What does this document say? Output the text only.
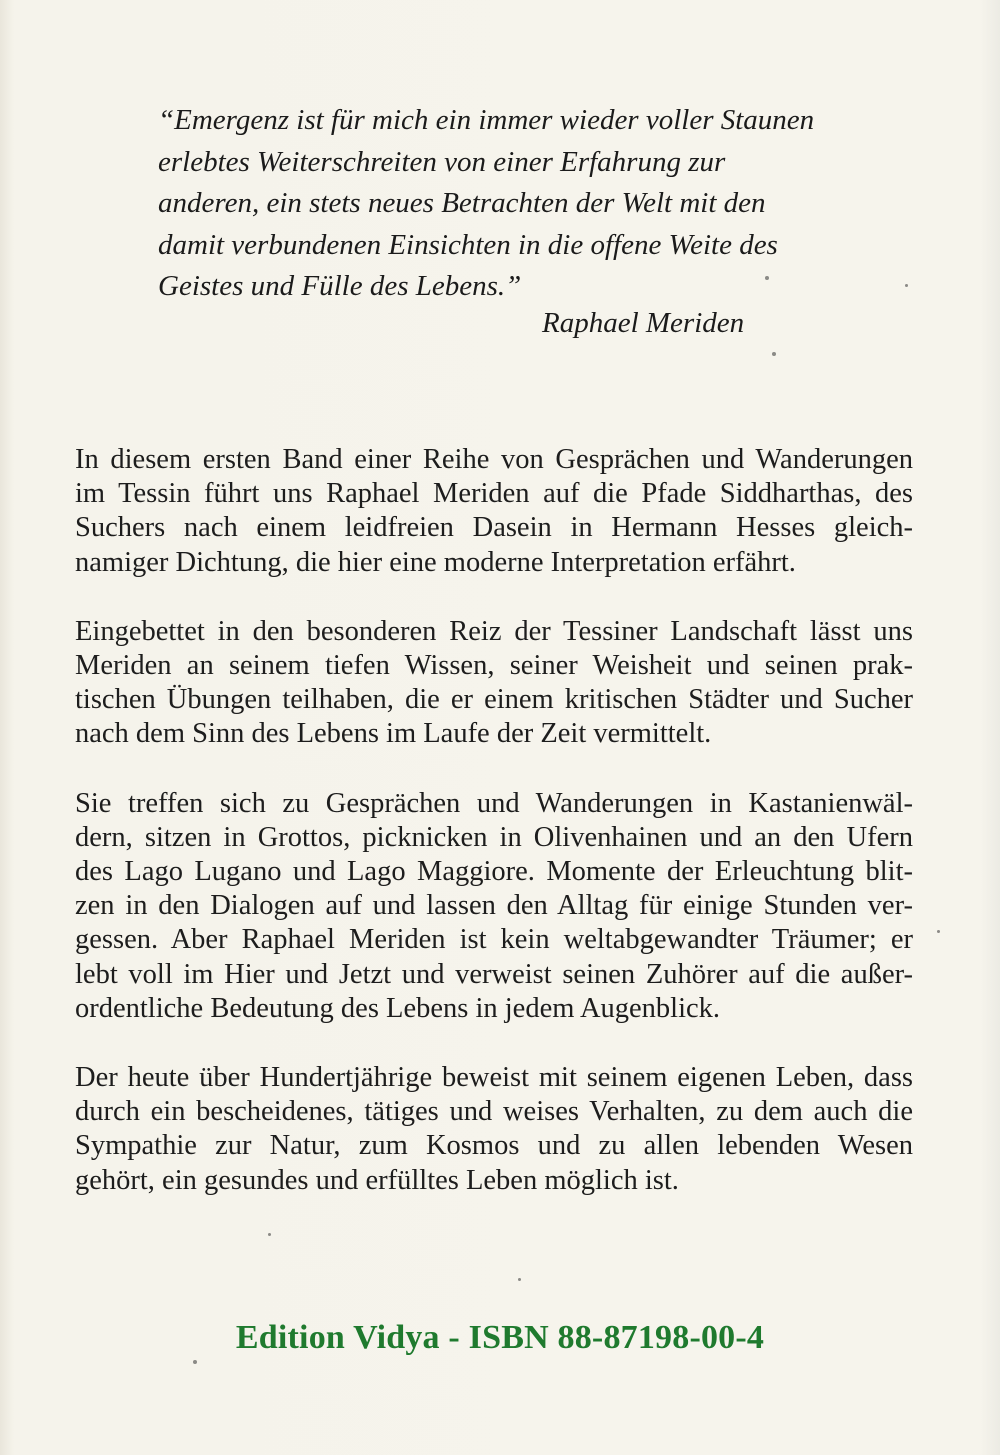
“Emergenz ist für mich ein immer wieder voller Staunen
erlebtes Weiterschreiten von einer Erfahrung zur
anderen, ein stets neues Betrachten der Welt mit den
damit verbundenen Einsichten in die offene Weite des
Geistes und Fülle des Lebens.”
Raphael Meriden
In diesem ersten Band einer Reihe von Gesprächen und Wanderungen
im Tessin führt uns Raphael Meriden auf die Pfade Siddharthas, des
Suchers nach einem leidfreien Dasein in Hermann Hesses gleich-
namiger Dichtung, die hier eine moderne Interpretation erfährt.
Eingebettet in den besonderen Reiz der Tessiner Landschaft lässt uns
Meriden an seinem tiefen Wissen, seiner Weisheit und seinen prak-
tischen Übungen teilhaben, die er einem kritischen Städter und Sucher
nach dem Sinn des Lebens im Laufe der Zeit vermittelt.
Sie treffen sich zu Gesprächen und Wanderungen in Kastanienwäl-
dern, sitzen in Grottos, picknicken in Olivenhainen und an den Ufern
des Lago Lugano und Lago Maggiore. Momente der Erleuchtung blit-
zen in den Dialogen auf und lassen den Alltag für einige Stunden ver-
gessen. Aber Raphael Meriden ist kein weltabgewandter Träumer; er
lebt voll im Hier und Jetzt und verweist seinen Zuhörer auf die außer-
ordentliche Bedeutung des Lebens in jedem Augenblick.
Der heute über Hundertjährige beweist mit seinem eigenen Leben, dass
durch ein bescheidenes, tätiges und weises Verhalten, zu dem auch die
Sympathie zur Natur, zum Kosmos und zu allen lebenden Wesen
gehört, ein gesundes und erfülltes Leben möglich ist.
Edition Vidya - ISBN 88-87198-00-4
